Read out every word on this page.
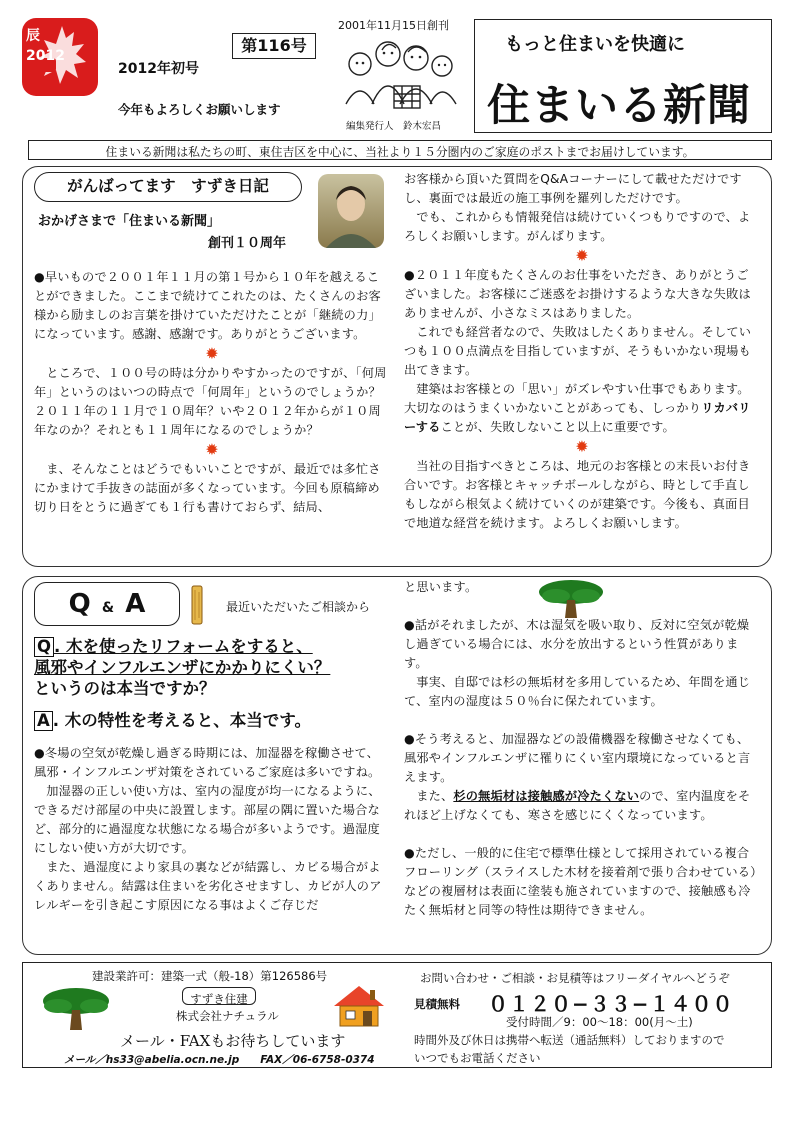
辰 2012
2012年初号
第116号
今年もよろしくお願いします
2001年11月15日創刊
編集発行人　鈴木宏昌
もっと住まいを快適に
住まいる新聞
住まいる新聞は私たちの町、東住吉区を中心に、当社より１５分圏内のご家庭のポストまでお届けしています。
がんばってます　すずき日記
おかげさまで「住まいる新聞」
創刊１０周年

●早いもので２００１年１１月の第１号から１０年を越えることができました。ここまで続けてこれたのは、たくさんのお客様から励ましのお言葉を掛けていただけたことが「継続の力」になっています。感謝、感謝です。ありがとうございます。

✹

ところで、１００号の時は分かりやすかったのですが、「何周年」というのはいつの時点で「何周年」というのでしょうか？２０１１年の１１月で１０周年？いや２０１２年からが１０周年なのか？それとも１１周年になるのでしょうか？

✹

ま、そんなことはどうでもいいことですが、最近では多忙さにかまけて手抜きの誌面が多くなっています。今回も原稿締め切り日をとうに過ぎても１行も書けておらず、結局、

お客様から頂いた質問をQ&Aコーナーにして載せただけですし、裏面では最近の施工事例を羅列しただけです。

でも、これからも情報発信は続けていくつもりですので、よろしくお願いします。がんばります。

✹

●２０１１年度もたくさんのお仕事をいただき、ありがとうございました。お客様にご迷惑をお掛けするような大きな失敗はありませんが、小さなミスはありました。

これでも経営者なので、失敗はしたくありません。そしていつも１００点満点を目指していますが、そうもいかない現場も出てきます。

建築はお客様との「思い」がズレやすい仕事でもあります。大切なのはうまくいかないことがあっても、しっかりリカバリーすることが、失敗しないこと以上に重要です。

✹

当社の目指すべきところは、地元のお客様との末長いお付き合いです。お客様とキャッチボールしながら、時として手直しもしながら根気よく続けていくのが建築です。今後も、真面目で地道な経営を続けます。よろしくお願いします。

Q & A	最近いただいたご相談から
Q . 木を使ったリフォームをすると、
風邪やインフルエンザにかかりにくい？
というのは本当ですか？
A . 木の特性を考えると、本当です。

●冬場の空気が乾燥し過ぎる時期には、加湿器を稼働させて、風邪・インフルエンザ対策をされているご家庭は多いですね。

加湿器の正しい使い方は、室内の湿度が均一になるように、できるだけ部屋の中央に設置します。部屋の隅に置いた場合など、部分的に過湿度な状態になる場合が多いようです。過湿度にしない使い方が大切です。

また、過湿度により家具の裏などが結露し、カビる場合がよくありません。結露は住まいを劣化させますし、カビが人のアレルギーを引き起こす原因になる事はよくご存じだ

と思います。

●話がそれましたが、木は湿気を吸い取り、反対に空気が乾燥し過ぎている場合には、水分を放出するという性質があります。

事実、自邸では杉の無垢材を多用しているため、年間を通じて、室内の湿度は５０％台に保たれています。

●そう考えると、加湿器などの設備機器を稼働させなくても、風邪やインフルエンザに罹りにくい室内環境になっていると言えます。

また、杉の無垢材は接触感が冷たくないので、室内温度をそれほど上げなくても、寒さを感じにくくなっています。

●ただし、一般的に住宅で標準仕様として採用されている複合フローリング（スライスした木材を接着剤で張り合わせている）などの複層材は表面に塗装も施されていますので、接触感も冷たく無垢材と同等の特性は期待できません。

建設業許可：建築一式（般-18）第126586号
すずき住建
株式会社ナチュラル
メール・FAXもお待ちしています
メール／hs33@abelia.ocn.ne.jp　　FAX／06-6758-0374
お問い合わせ・ご相談・お見積等はフリーダイヤルへどうぞ
見積無料 ０１２０−３３−１４００
受付時間／9：00〜18：00(月〜土)
時間外及び休日は携帯へ転送（通話無料）しておりますので
いつでもお電話ください
